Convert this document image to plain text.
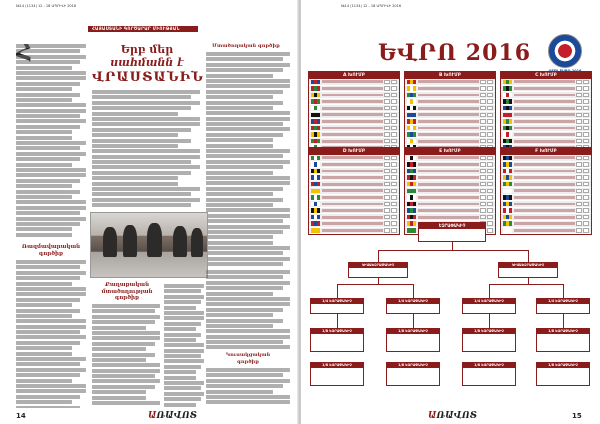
№14 (1134) 12 - 18 ԱՊՐԻԼԻ 2016
ՀԱՅԱՍՏԱՆԻ ԳՈՐԾԱՐԱՐ ՄԻՈՒԹՅԱՆ
Երբ մեր
սահմանն է
ՎՐԱՍՏԱՆԻՆ
Մտածողական գործիք
Ռազմավարական գործիք
Քաղաքական մտածողության գործիք
Կուսակցական
գործիք
14	ԱՌԱՎՈՏ
№14 (1134) 12 - 18 ԱՊՐԻԼԻ 2016
ԵՎՐՈ 2016
A ԽՈՒՄԲ	B ԽՈՒՄԲ	C ԽՈՒՄԲ
D ԽՈՒՄԲ	E ԽՈՒՄԲ	F ԽՈՒՄԲ
ԵԶՐԱՓԱԿԻՉ
ԿԻՍԱԵԶՐԱՓԱԿԻՉ	ԿԻՍԱԵԶՐԱՓԱԿԻՉ
1/4 ԵԶՐԱՓԱԿԻՉ	1/4 ԵԶՐԱՓԱԿԻՉ	1/4 ԵԶՐԱՓԱԿԻՉ	1/4 ԵԶՐԱՓԱԿԻՉ
1/8 ԵԶՐԱՓԱԿԻՉ
1/8 ԵԶՐԱՓԱԿԻՉ
1/8 ԵԶՐԱՓԱԿԻՉ
1/8 ԵԶՐԱՓԱԿԻՉ
1/8 ԵԶՐԱՓԱԿԻՉ
1/8 ԵԶՐԱՓԱԿԻՉ
1/8 ԵԶՐԱՓԱԿԻՉ
1/8 ԵԶՐԱՓԱԿԻՉ
15
ԱՌԱՎՈՏ
